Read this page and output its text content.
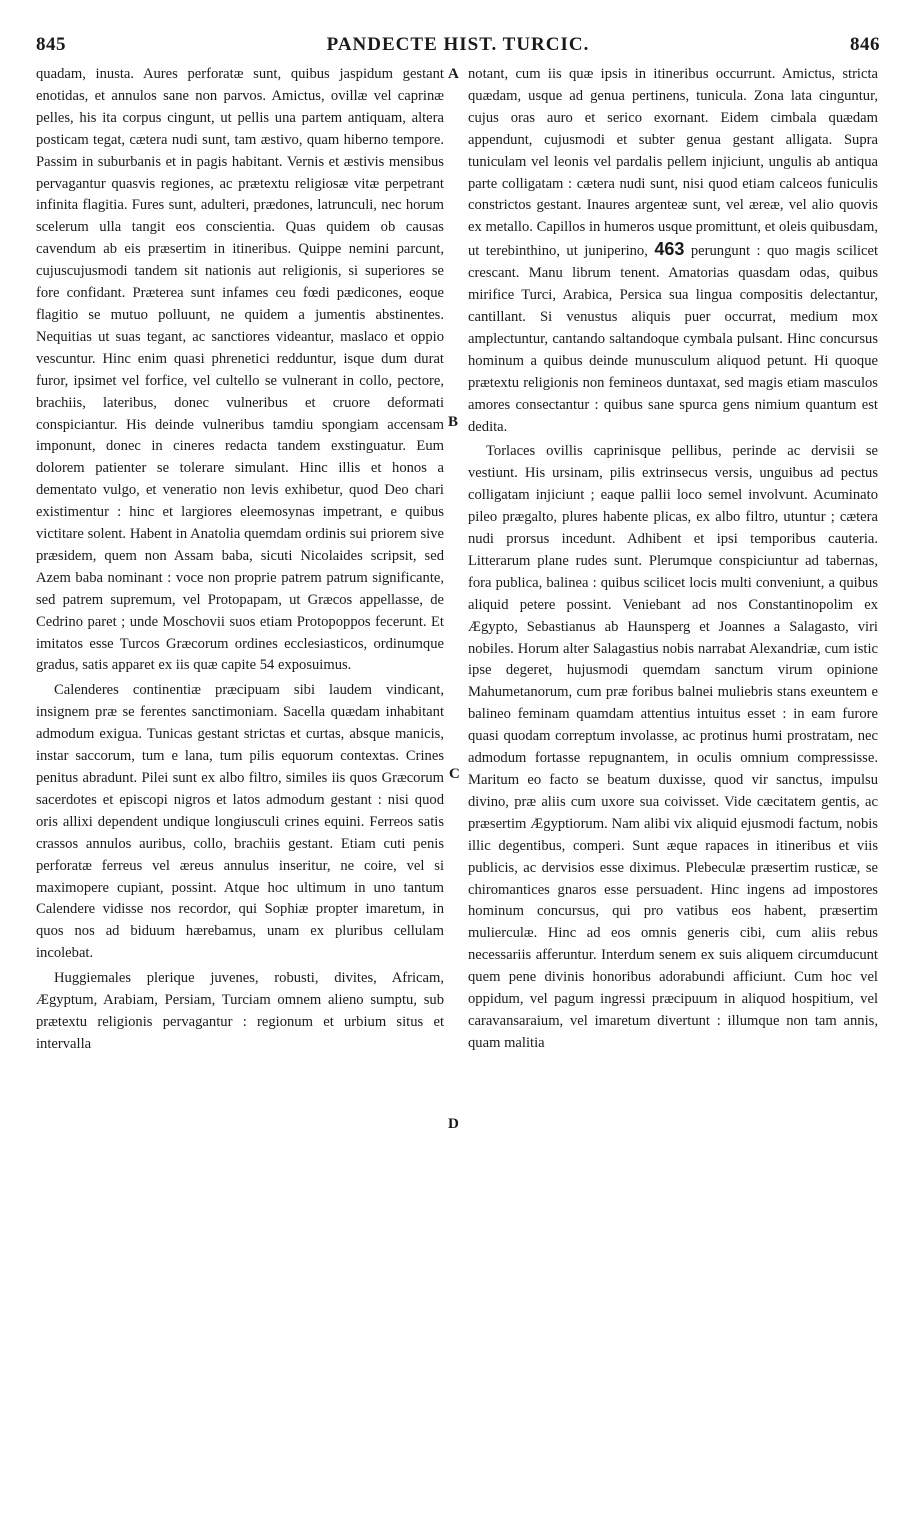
845	PANDECTE HIST. TURCIC.	846
A
B
C
D

quadam, inusta. Aures perforatæ sunt, quibus jaspidum gestant enotidas, et annulos sane non parvos. Amictus, ovillæ vel caprinæ pelles, his ita corpus cingunt, ut pellis una partem antiquam, altera posticam tegat, cætera nudi sunt, tam æstivo, quam hiberno tempore. Passim in suburbanis et in pagis habitant. Vernis et æstivis mensibus pervagantur quasvis regiones, ac prætextu religiosæ vitæ perpetrant infinita flagitia. Fures sunt, adulteri, prædones, latrunculi, nec horum scelerum ulla tangit eos conscientia. Quas quidem ob causas cavendum ab eis præsertim in itineribus. Quippe nemini parcunt, cujuscujusmodi tandem sit nationis aut religionis, si superiores se fore confidant. Præterea sunt infames ceu fœdi pædicones, eoque flagitio se mutuo polluunt, ne quidem a jumentis abstinentes. Nequitias ut suas tegant, ac sanctiores videantur, maslaco et oppio vescuntur. Hinc enim quasi phrenetici redduntur, isque dum durat furor, ipsimet vel forfice, vel cultello se vulnerant in collo, pectore, brachiis, lateribus, donec vulneribus et cruore deformati conspiciantur. His deinde vulneribus tamdiu spongiam accensam imponunt, donec in cineres redacta tandem exstinguatur. Eum dolorem patienter se tolerare simulant. Hinc illis et honos a dementato vulgo, et veneratio non levis exhibetur, quod Deo chari existimentur : hinc et largiores eleemosynas impetrant, e quibus victitare solent. Habent in Anatolia quemdam ordinis sui priorem sive præsidem, quem non Assam baba, sicuti Nicolaides scripsit, sed Azem baba nominant : voce non proprie patrem patrum significante, sed patrem supremum, vel Protopapam, ut Græcos appellasse, de Cedrino paret ; unde Moschovii suos etiam Protopoppos fecerunt. Et imitatos esse Turcos Græcorum ordines ecclesiasticos, ordinumque gradus, satis apparet ex iis quæ capite 54 exposuimus.

Calenderes continentiæ præcipuam sibi laudem vindicant, insignem præ se ferentes sanctimoniam. Sacella quædam inhabitant admodum exigua. Tunicas gestant strictas et curtas, absque manicis, instar saccorum, tum e lana, tum pilis equorum contextas. Crines penitus abradunt. Pilei sunt ex albo filtro, similes iis quos Græcorum sacerdotes et episcopi nigros et latos admodum gestant : nisi quod oris allixi dependent undique longiusculi crines equini. Ferreos satis crassos annulos auribus, collo, brachiis gestant. Etiam cuti penis perforatæ ferreus vel æreus annulus inseritur, ne coire, vel si maximopere cupiant, possint. Atque hoc ultimum in uno tantum Calendere vidisse nos recordor, qui Sophiæ propter imaretum, in quos nos ad biduum hærebamus, unam ex pluribus cellulam incolebat.

Huggiemales plerique juvenes, robusti, divites, Africam, Ægyptum, Arabiam, Persiam, Turciam omnem alieno sumptu, sub prætextu religionis pervagantur : regionum et urbium situs et intervalla

notant, cum iis quæ ipsis in itineribus occurrunt. Amictus, stricta quædam, usque ad genua pertinens, tunicula. Zona lata cinguntur, cujus oras auro et serico exornant. Eidem cimbala quædam appendunt, cujusmodi et subter genua gestant alligata. Supra tuniculam vel leonis vel pardalis pellem injiciunt, ungulis ab antiqua parte colligatam : cætera nudi sunt, nisi quod etiam calceos funiculis constrictos gestant. Inaures argenteæ sunt, vel æreæ, vel alio quovis ex metallo. Capillos in humeros usque promittunt, et oleis quibusdam, ut terebinthino, ut juniperino, 463 perungunt : quo magis scilicet crescant. Manu librum tenent. Amatorias quasdam odas, quibus mirifice Turci, Arabica, Persica sua lingua compositis delectantur, cantillant. Si venustus aliquis puer occurrat, medium mox amplectuntur, cantando saltandoque cymbala pulsant. Hinc concursus hominum a quibus deinde munusculum aliquod petunt. Hi quoque prætextu religionis non femineos duntaxat, sed magis etiam masculos amores consectantur : quibus sane spurca gens nimium quantum est dedita.

Torlaces ovillis caprinisque pellibus, perinde ac dervisii se vestiunt. His ursinam, pilis extrinsecus versis, unguibus ad pectus colligatam injiciunt ; eaque pallii loco semel involvunt. Acuminato pileo prægalto, plures habente plicas, ex albo filtro, utuntur ; cætera nudi prorsus incedunt. Adhibent et ipsi temporibus cauteria. Litterarum plane rudes sunt. Plerumque conspiciuntur ad tabernas, fora publica, balinea : quibus scilicet locis multi conveniunt, a quibus aliquid petere possint. Veniebant ad nos Constantinopolim ex Ægypto, Sebastianus ab Haunsperg et Joannes a Salagasto, viri nobiles. Horum alter Salagastius nobis narrabat Alexandriæ, cum istic ipse degeret, hujusmodi quemdam sanctum virum opinione Mahumetanorum, cum præ foribus balnei muliebris stans exeuntem e balineo feminam quamdam attentius intuitus esset : in eam furore quasi quodam correptum involasse, ac protinus humi prostratam, nec admodum fortasse repugnantem, in oculis omnium compressisse. Maritum eo facto se beatum duxisse, quod vir sanctus, impulsu divino, præ aliis cum uxore sua coivisset. Vide cæcitatem gentis, ac præsertim Ægyptiorum. Nam alibi vix aliquid ejusmodi factum, nobis illic degentibus, comperi. Sunt æque rapaces in itineribus et viis publicis, ac dervisios esse diximus. Plebeculæ præsertim rusticæ, se chiromantices gnaros esse persuadent. Hinc ingens ad impostores hominum concursus, qui pro vatibus eos habent, præsertim mulierculæ. Hinc ad eos omnis generis cibi, cum aliis rebus necessariis afferuntur. Interdum senem ex suis aliquem circumducunt quem pene divinis honoribus adorabundi afficiunt. Cum hoc vel oppidum, vel pagum ingressi præcipuum in aliquod hospitium, vel caravansaraium, vel imaretum divertunt : illumque non tam annis, quam malitia
